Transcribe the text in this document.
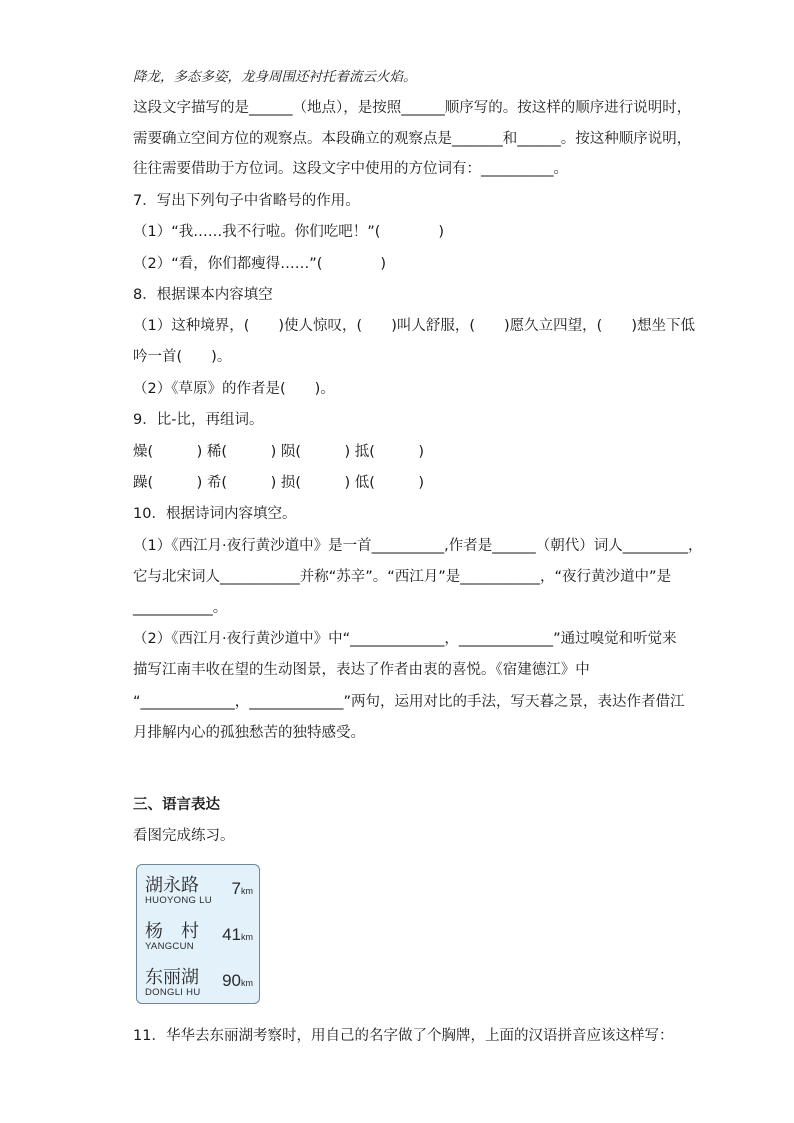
降龙，多态多姿，龙身周围还衬托着流云火焰。
这段文字描写的是______（地点），是按照______顺序写的。按这样的顺序进行说明时，
需要确立空间方位的观察点。本段确立的观察点是_______和______。按这种顺序说明，
往往需要借助于方位词。这段文字中使用的方位词有：__________。
7．写出下列句子中省略号的作用。
（1）“我……我不行啦。你们吃吧！”(　　　　)
（2）“看，你们都瘦得……”(　　　　)
8．根据课本内容填空
（1）这种境界，(　　)使人惊叹，(　　)叫人舒服，(　　)愿久立四望，(　　)想坐下低
吟一首(　　)。
（2）《草原》的作者是(　　)。
9．比-比，再组词。
燥(　　　) 稀(　　　) 陨(　　　) 抵(　　　)
躁(　　　) 希(　　　) 损(　　　) 低(　　　)
10．根据诗词内容填空。
（1）《西江月·夜行黄沙道中》是一首__________,作者是______（朝代）词人_________，
它与北宋词人___________并称“苏辛”。“西江月”是___________，“夜行黄沙道中”是
___________。
（2）《西江月·夜行黄沙道中》中“_____________，_____________”通过嗅觉和听觉来
描写江南丰收在望的生动图景，表达了作者由衷的喜悦。《宿建德江》中
“_____________，_____________”两句，运用对比的手法，写天暮之景，表达作者借江
月排解内心的孤独愁苦的独特感受。
三、语言表达
看图完成练习。
湖永路
HUOYONG LU
7km
杨　村
YANGCUN
41km
东丽湖
DONGLI HU
90km
11．华华去东丽湖考察时，用自己的名字做了个胸牌，上面的汉语拼音应该这样写：
